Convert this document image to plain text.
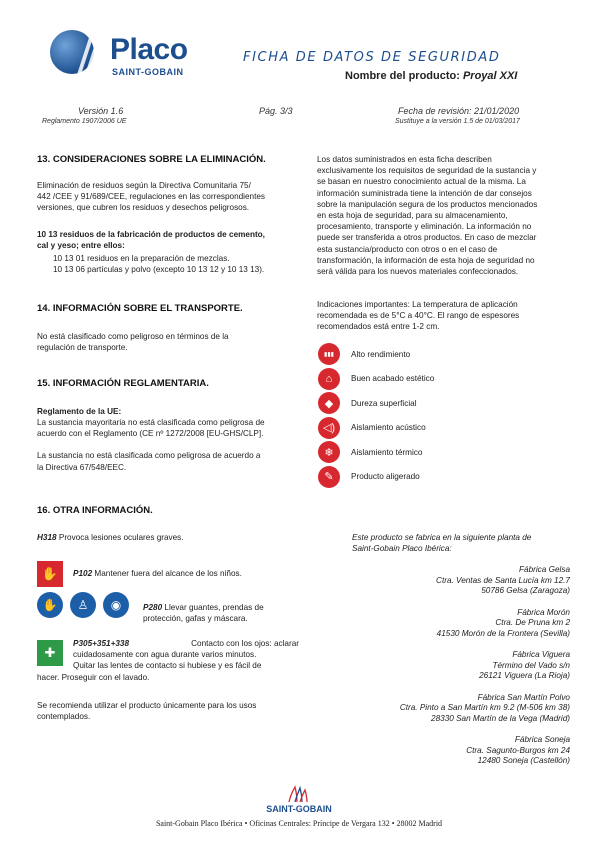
Placo
SAINT-GOBAIN
FICHA DE DATOS DE SEGURIDAD
Nombre del producto: Proyal XXI
Versión 1.6
Reglamento 1907/2006 UE
Pág. 3/3	Fecha de revisión: 21/01/2020
Sustituye a la versión 1.5 de 01/03/2017
13. CONSIDERACIONES SOBRE LA ELIMINACIÓN.
Eliminación de residuos según la Directiva Comunitaria 75/
442 /CEE y 91/689/CEE, regulaciones en las correspondientes
versiones, que cubren los residuos y desechos peligrosos.
10 13 residuos de la fabricación de productos de cemento,
cal y yeso; entre ellos:
10 13 01 residuos en la preparación de mezclas.
10 13 06 partículas y polvo (excepto 10 13 12 y 10 13 13).
14. INFORMACIÓN SOBRE EL TRANSPORTE.
No está clasificado como peligroso en términos de la
regulación de transporte.
15. INFORMACIÓN REGLAMENTARIA.
Reglamento de la UE:
La sustancia mayoritaria no está clasificada como peligrosa de
acuerdo con el Reglamento (CE nº 1272/2008 [EU-GHS/CLP].
La sustancia no está clasificada como peligrosa de acuerdo a
la Directiva 67/548/EEC.
16. OTRA INFORMACIÓN.
H318 Provoca lesiones oculares graves.
✋	P102 Mantener fuera del alcance de los niños.
✋	♙	◉	P280 Llevar guantes, prendas de
protección, gafas y máscara.
✚
P305+351+338	Contacto con los ojos: aclarar
cuidadosamente con agua durante varios minutos.
Quitar las lentes de contacto si hubiese y es fácil de
hacer. Proseguir con el lavado.
Se recomienda utilizar el producto únicamente para los usos
contemplados.
Los datos suministrados en esta ficha describen
exclusivamente los requisitos de seguridad de la sustancia y
se basan en nuestro conocimiento actual de la misma. La
información suministrada tiene la intención de dar consejos
sobre la manipulación segura de los productos mencionados
en esta hoja de seguridad, para su almacenamiento,
procesamiento, transporte y eliminación. La información no
puede ser transferida a otros productos. En caso de mezclar
esta sustancia/producto con otros o en el caso de
transformación, la información de esta hoja de seguridad no
será válida para los nuevos materiales confeccionados.
Indicaciones importantes: La temperatura de aplicación
recomendada es de 5°C a 40°C. El rango de espesores
recomendados está entre 1-2 cm.
▮▮▮	Alto rendimiento
⌂	Buen acabado estético
◆	Dureza superficial
◁)	Aislamiento acústico
❄	Aislamiento térmico
✎	Producto aligerado
Este producto se fabrica en la siguiente planta de
Saint-Gobain Placo Ibérica:
Fábrica Gelsa
Ctra. Ventas de Santa Lucía km 12.7
50786 Gelsa (Zaragoza)
Fábrica Morón
Ctra. De Pruna km 2
41530 Morón de la Frontera (Sevilla)
Fábrica Viguera
Término del Vado s/n
26121 Viguera (La Rioja)
Fábrica San Martín Polvo
Ctra. Pinto a San Martín km 9.2 (M-506 km 38)
28330 San Martín de la Vega (Madrid)
Fábrica Soneja
Ctra. Sagunto-Burgos km 24
12480 Soneja (Castellón)
SAINT-GOBAIN
Saint-Gobain Placo Ibérica • Oficinas Centrales: Príncipe de Vergara 132 • 28002 Madrid
